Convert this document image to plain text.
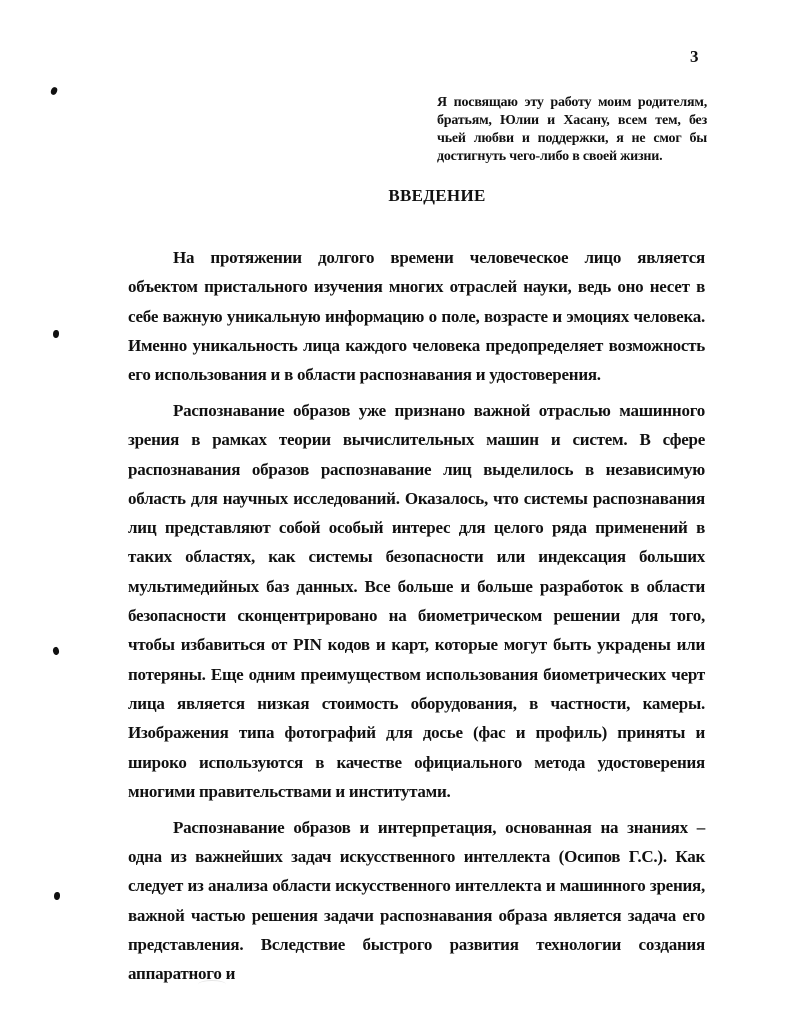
3
Я посвящаю эту работу моим родителям, братьям, Юлии и Хасану, всем тем, без чьей любви и поддержки, я не смог бы достигнуть чего-либо в своей жизни.
ВВЕДЕНИЕ

На протяжении долгого времени человеческое лицо является объектом пристального изучения многих отраслей науки, ведь оно несет в себе важную уникальную информацию о поле, возрасте и эмоциях человека. Именно уникальность лица каждого человека предопределяет возможность его использования и в области распознавания и удостоверения.

Распознавание образов уже признано важной отраслью машинного зрения в рамках теории вычислительных машин и систем. В сфере распознавания образов распознавание лиц выделилось в независимую область для научных исследований. Оказалось, что системы распознавания лиц представляют собой особый интерес для целого ряда применений в таких областях, как системы безопасности или индексация больших мультимедийных баз данных. Все больше и больше разработок в области безопасности сконцентрировано на биометрическом решении для того, чтобы избавиться от PIN кодов и карт, которые могут быть украдены или потеряны. Еще одним преимуществом использования биометрических черт лица является низкая стоимость оборудования, в частности, камеры. Изображения типа фотографий для досье (фас и профиль) приняты и широко используются в качестве официального метода удостоверения многими правительствами и институтами.

Распознавание образов и интерпретация, основанная на знаниях – одна из важнейших задач искусственного интеллекта (Осипов Г.С.). Как следует из анализа области искусственного интеллекта и машинного зрения, важной частью решения задачи распознавания образа является задача его представления. Вследствие быстрого развития технологии создания аппаратного и
